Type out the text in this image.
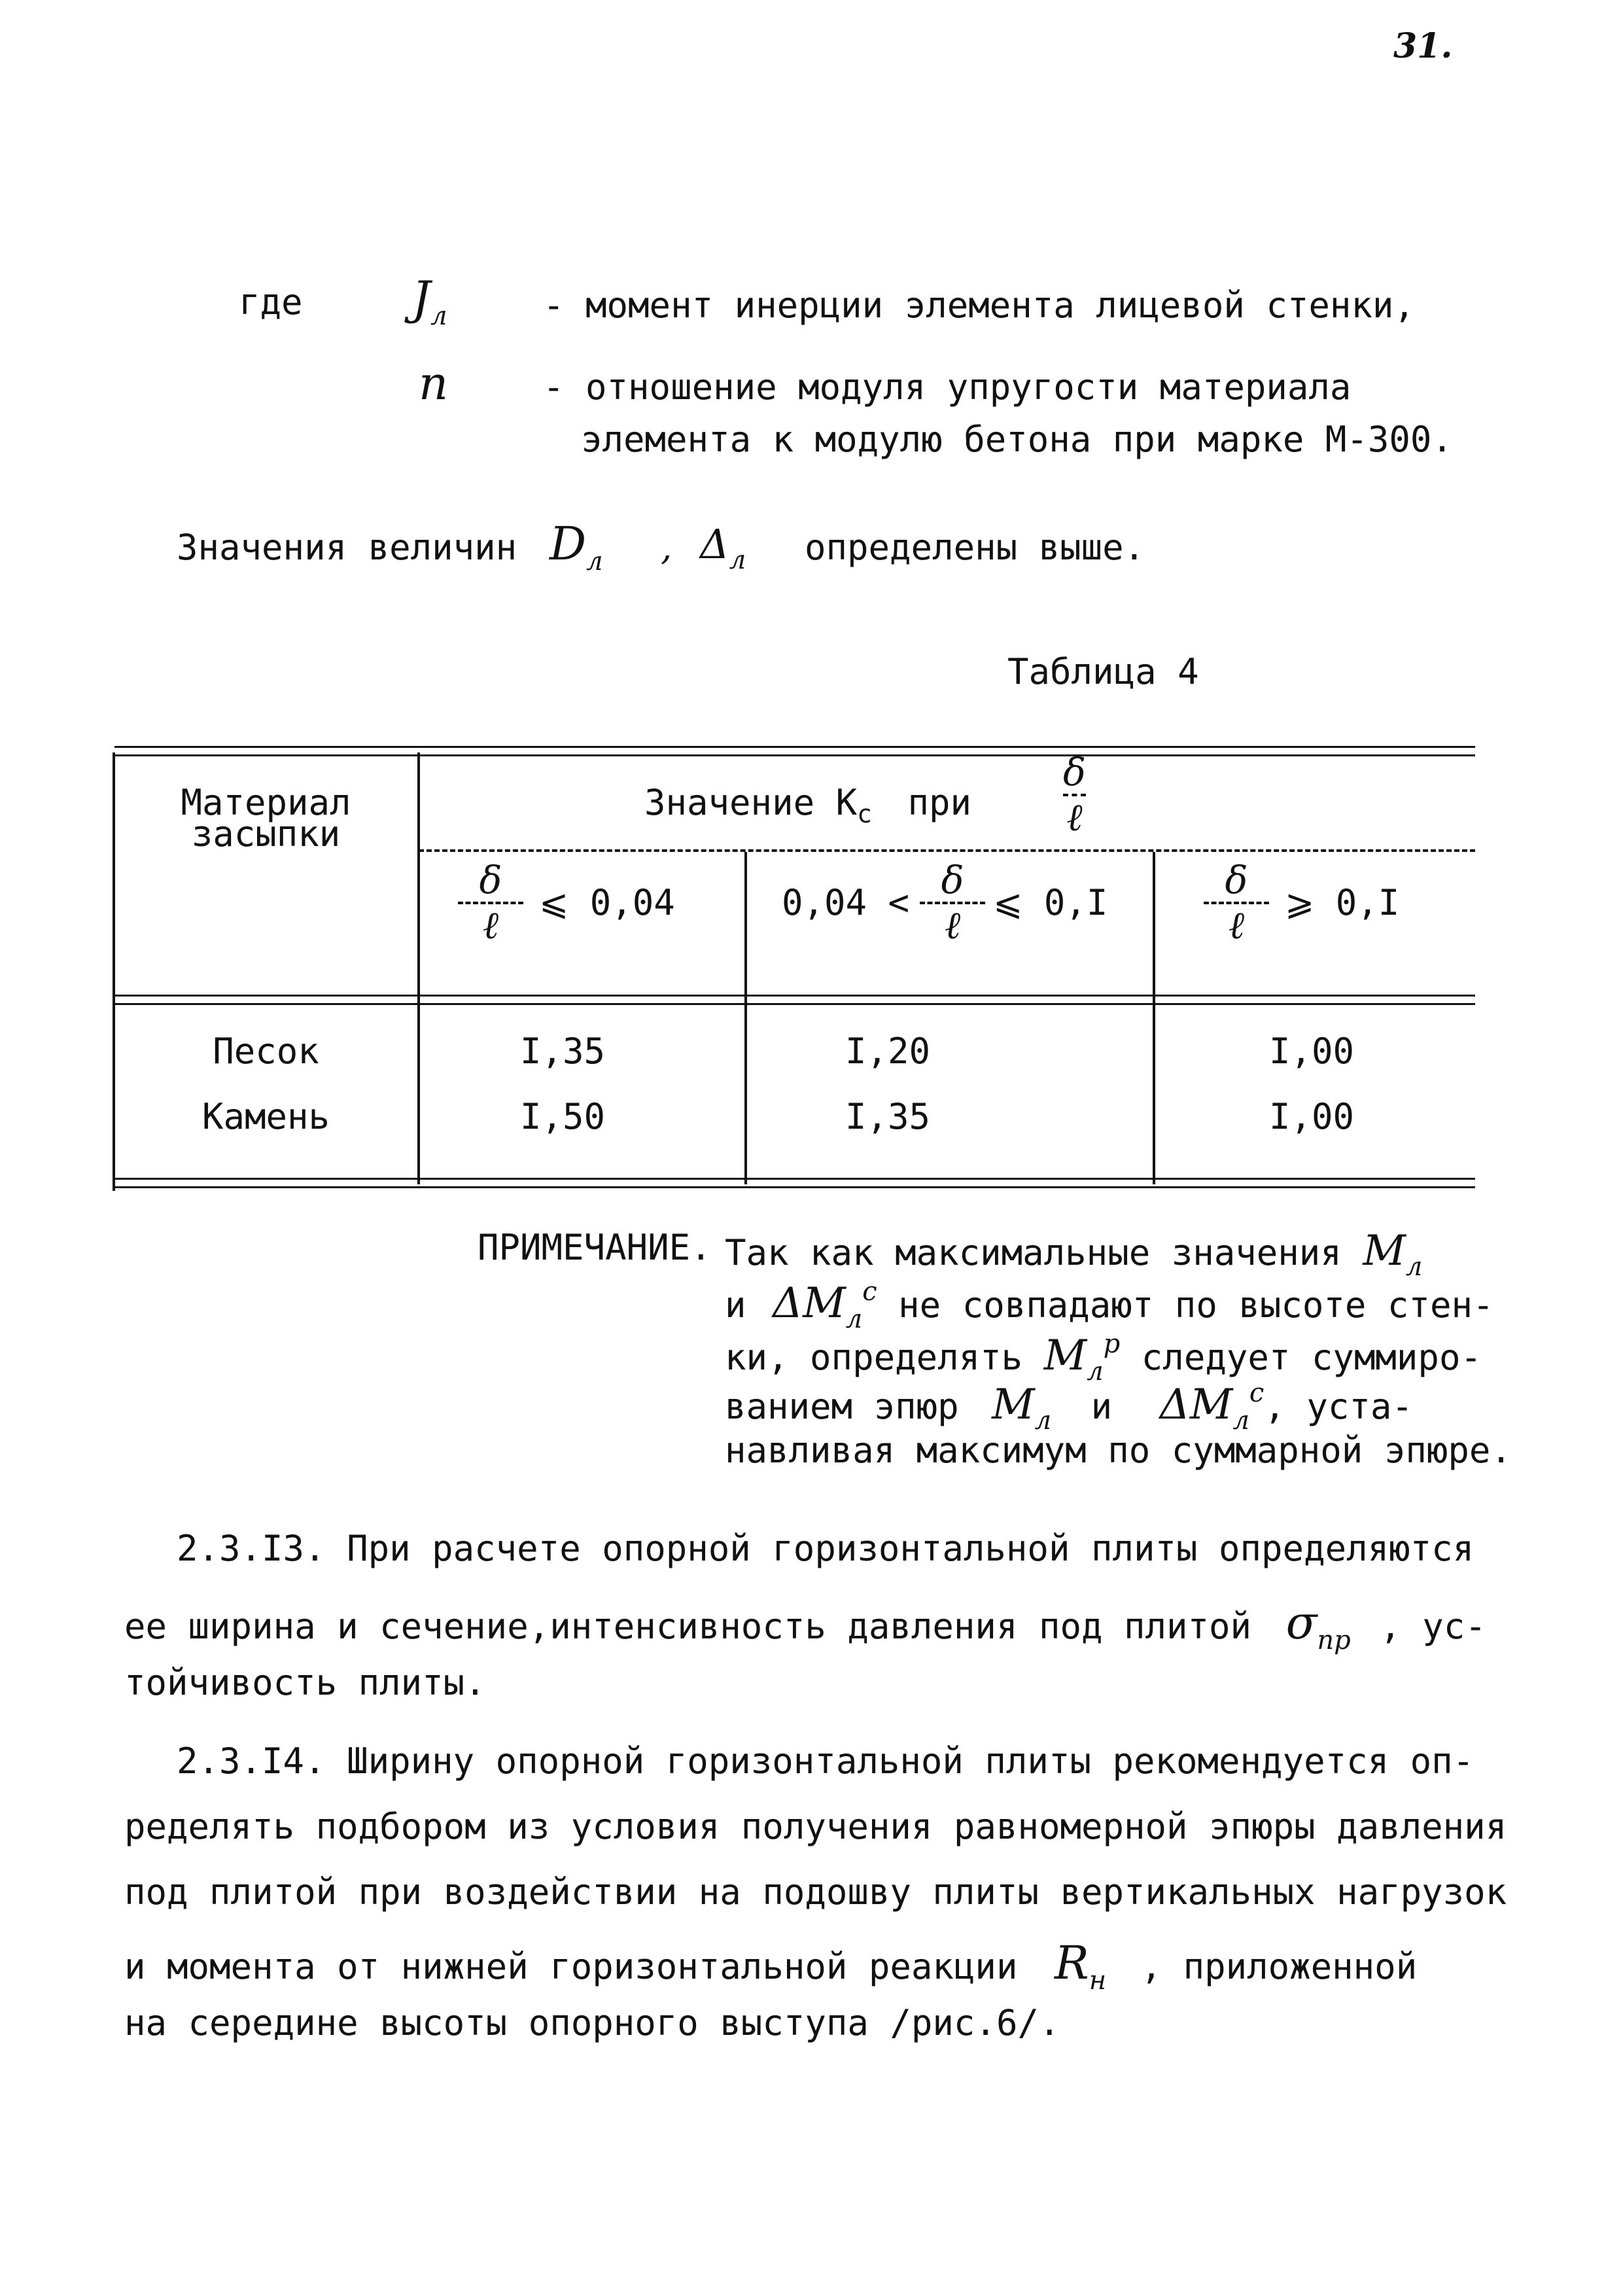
31.
где $J_л$	- момент инерции элемента лицевой стенки,
n	- отношение модуля упругости материала
элемента к модулю бетона при марке М-300.
Значения величин $D_л$ , $\Delta_л$ определены выше.
Таблица 4
Материал
засыпки
Значение $К_с$ при $\frac{\delta}{\text{ℓ}}$
$\frac{\delta}{\text{ℓ}}$ ⩽ 0,04	$0,04 < \frac{\delta}{\text{ℓ}}$ ⩽ 0,I	$\frac{\delta}{\text{ℓ}}$ ⩾ 0,I
Песок	I,35	I,20	I,00
Камень	I,50	I,35	I,00
ПРИМЕЧАНИЕ. Так как максимальные значения $M_л$
и $\Delta M_л^с$ не совпадают по высоте стен-
ки, определять $M_л^р$ следует суммиро-
ванием эпюр $M_л$ и $\Delta M_л^с$, уста-
навливая максимум по суммарной эпюре.
2.3.I3. При расчете опорной горизонтальной плиты определяются
ее ширина и сечение,интенсивность давления под плитой $\sigma_{пр}$ , ус-
тойчивость плиты.
2.3.I4. Ширину опорной горизонтальной плиты рекомендуется оп-
ределять подбором из условия получения равномерной эпюры давления
под плитой при воздействии на подошву плиты вертикальных нагрузок
и момента от нижней горизонтальной реакции $R_н$ , приложенной
на середине высоты опорного выступа /рис.6/.
